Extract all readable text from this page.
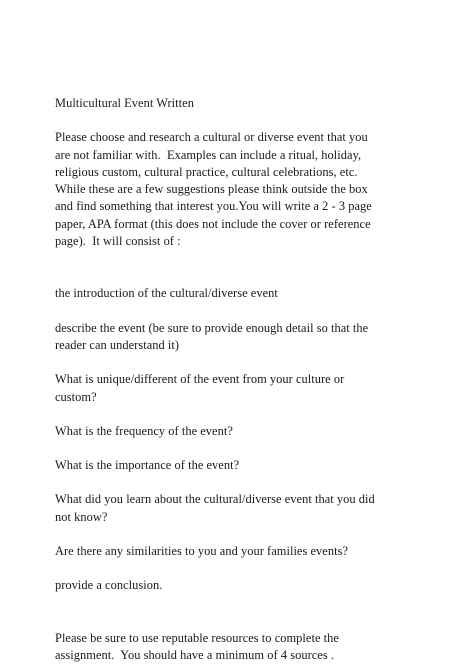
Multicultural Event Written

Please choose and research a cultural or diverse event that you
are not familiar with.  Examples can include a ritual, holiday,
religious custom, cultural practice, cultural celebrations, etc.
While these are a few suggestions please think outside the box
and find something that interest you.You will write a 2 - 3 page
paper, APA format (this does not include the cover or reference
page).  It will consist of :

the introduction of the cultural/diverse event

describe the event (be sure to provide enough detail so that the
reader can understand it)

What is unique/different of the event from your culture or
custom?

What is the frequency of the event?

What is the importance of the event?

What did you learn about the cultural/diverse event that you did
not know?

Are there any similarities to you and your families events?

provide a conclusion.

Please be sure to use reputable resources to complete the
assignment.  You should have a minimum of 4 sources .
